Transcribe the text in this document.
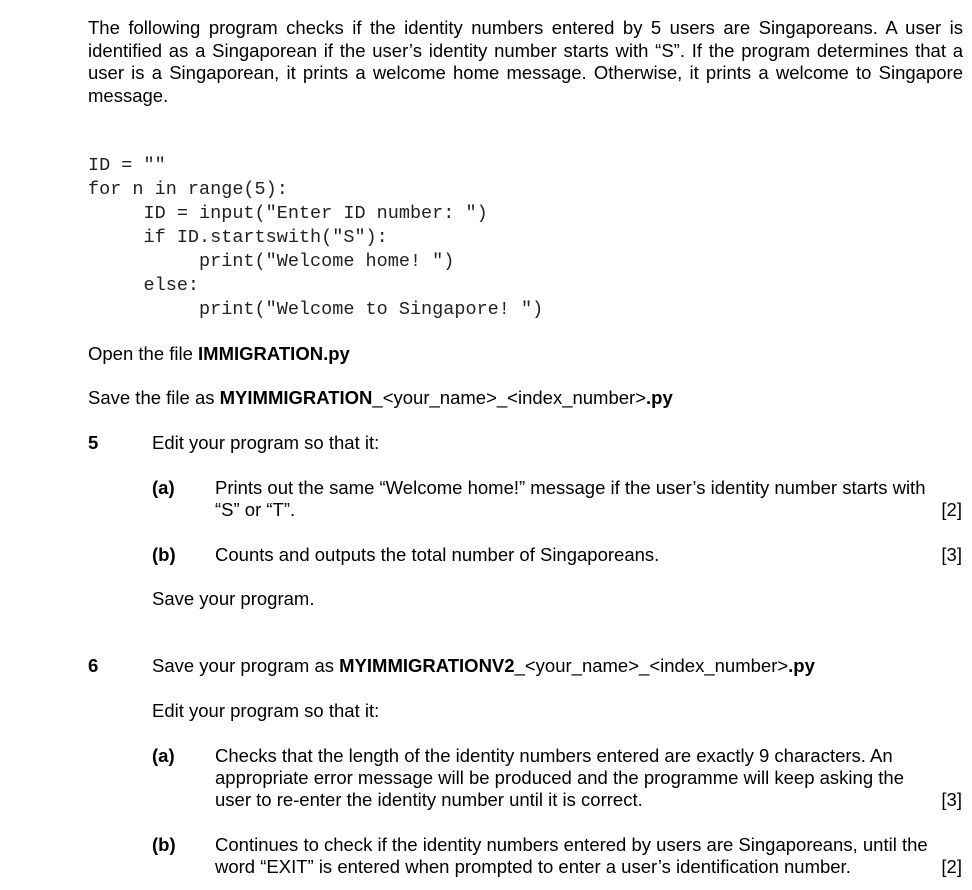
The following program checks if the identity numbers entered by 5 users are Singaporeans. A user is identified as a Singaporean if the user’s identity number starts with “S”. If the program determines that a user is a Singaporean, it prints a welcome home message. Otherwise, it prints a welcome to Singapore message.

ID = ""
for n in range(5):
ID = input("Enter ID number: ")
if ID.startswith("S"):
print("Welcome home! ")
else:
print("Welcome to Singapore! ")
Open the file IMMIGRATION.py
Save the file as MYIMMIGRATION_<your_name>_<index_number>.py
5	Edit your program so that it:
(a) Prints out the same “Welcome home!” message if the user’s identity number starts with
“S” or “T”.	[2]
(b) Counts and outputs the total number of Singaporeans.	[3]
Save your program.
6	Save your program as MYIMMIGRATIONV2_<your_name>_<index_number>.py
Edit your program so that it:
(a) Checks that the length of the identity numbers entered are exactly 9 characters. An
appropriate error message will be produced and the programme will keep asking the
user to re-enter the identity number until it is correct.	[3]
(b) Continues to check if the identity numbers entered by users are Singaporeans, until the
word “EXIT” is entered when prompted to enter a user’s identification number.	[2]
